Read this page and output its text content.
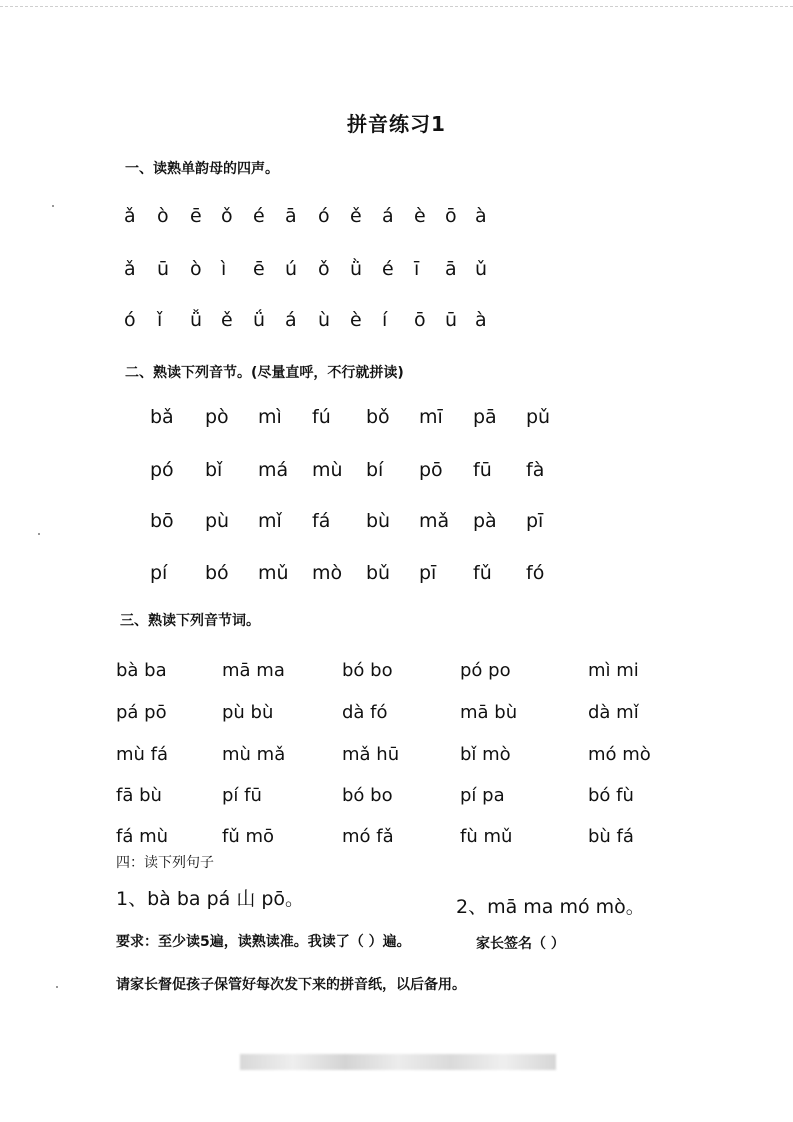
拼音练习1
一、读熟单韵母的四声。
ǎ ò ē ǒ é ā ó ě á è ō à
ǎ ū ò ì ē ú ǒ ǜ é ī ā ǔ
ó ǐ ǚ ě ǘ á ù è í ō ū à
二、熟读下列音节。(尽量直呼，不行就拼读)
bǎ pò mì fú bǒ mī pā pǔ
pó bǐ má mù bí pō fū fà
bō pù mǐ fá bù mǎ pà pī
pí bó mǔ mò bǔ pī fǔ fó
三、熟读下列音节词。
bà ba	mā ma	bó bo	pó po	mì mi
pá pō	pù bù	dà fó	mā bù	dà mǐ
mù fá	mù mǎ	mǎ hū	bǐ mò	mó mò
fā bù	pí fū	bó bo	pí pa	bó fù
fá mù	fǔ mō	mó fǎ	fù mǔ	bù fá
四：读下列句子
1、bà ba pá 山 pō。	2、mā ma mó mò。
要求：至少读5遍，读熟读准。我读了（ ）遍。	家长签名（ ）
请家长督促孩子保管好每次发下来的拼音纸，以后备用。
